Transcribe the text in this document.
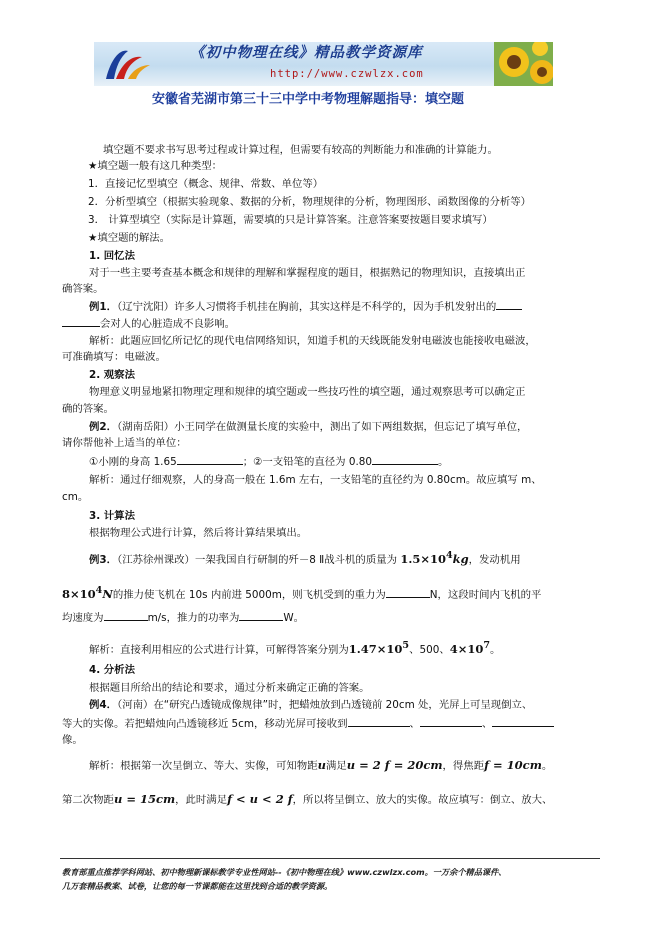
《初中物理在线》精品教学资源库
http://www.czwlzx.com
安徽省芜湖市第三十三中学中考物理解题指导：填空题
填空题不要求书写思考过程或计算过程，但需要有较高的判断能力和准确的计算能力。
★填空题一般有这几种类型：
1．直接记忆型填空（概念、规律、常数、单位等）
2．分析型填空（根据实验现象、数据的分析，物理规律的分析，物理图形、函数图像的分析等）
3． 计算型填空（实际是计算题，需要填的只是计算答案。注意答案要按题目要求填写）
★填空题的解法。
1. 回忆法
对于一些主要考查基本概念和规律的理解和掌握程度的题目，根据熟记的物理知识，直接填出正
确答案。
例1．（辽宁沈阳）许多人习惯将手机挂在胸前，其实这样是不科学的，因为手机发射出的
会对人的心脏造成不良影响。
解析：此题应回忆所记忆的现代电信网络知识，知道手机的天线既能发射电磁波也能接收电磁波，
可准确填写：电磁波。
2. 观察法
物理意义明显地紧扣物理定理和规律的填空题或一些技巧性的填空题，通过观察思考可以确定正
确的答案。
例2．（湖南岳阳）小王同学在做测量长度的实验中，测出了如下两组数据，但忘记了填写单位，
请你帮他补上适当的单位：
①小刚的身高 1.65	；②一支铅笔的直径为 0.80	。
解析：通过仔细观察，人的身高一般在 1.6m 左右，一支铅笔的直径约为 0.80cm。故应填写 m、
cm。
3. 计算法
根据物理公式进行计算，然后将计算结果填出。
例3．（江苏徐州课改）一架我国自行研制的歼－8 Ⅱ战斗机的质量为 $1.5\times 10^4kg$，发动机用
$8\times 10^4N$的推力使飞机在 10s 内前进 5000m，则飞机受到的重力为	N，这段时间内飞机的平
均速度为	m/s，推力的功率为	W。
解析：直接利用相应的公式进行计算，可解得答案分别为$1.47\times 10^5$、500、$4\times 10^7$。
4. 分析法
根据题目所给出的结论和要求，通过分析来确定正确的答案。
例4．（河南）在“研究凸透镜成像规律”时，把蜡烛放到凸透镜前 20cm 处，光屏上可呈现倒立、
等大的实像。若把蜡烛向凸透镜移近 5cm，移动光屏可接收到	、	、
像。
解析：根据第一次呈倒立、等大、实像，可知物距u满足u = 2 f = 20cm，得焦距f = 10cm。
第二次物距u = 15cm，此时满足f < u < 2 f，所以将呈倒立、放大的实像。故应填写：倒立、放大、
教育部重点推荐学科网站、初中物理新课标教学专业性网站--《初中物理在线》www.czwlzx.com。一万余个精品课件、
几万套精品教案、试卷，让您的每一节课都能在这里找到合适的教学资源。
